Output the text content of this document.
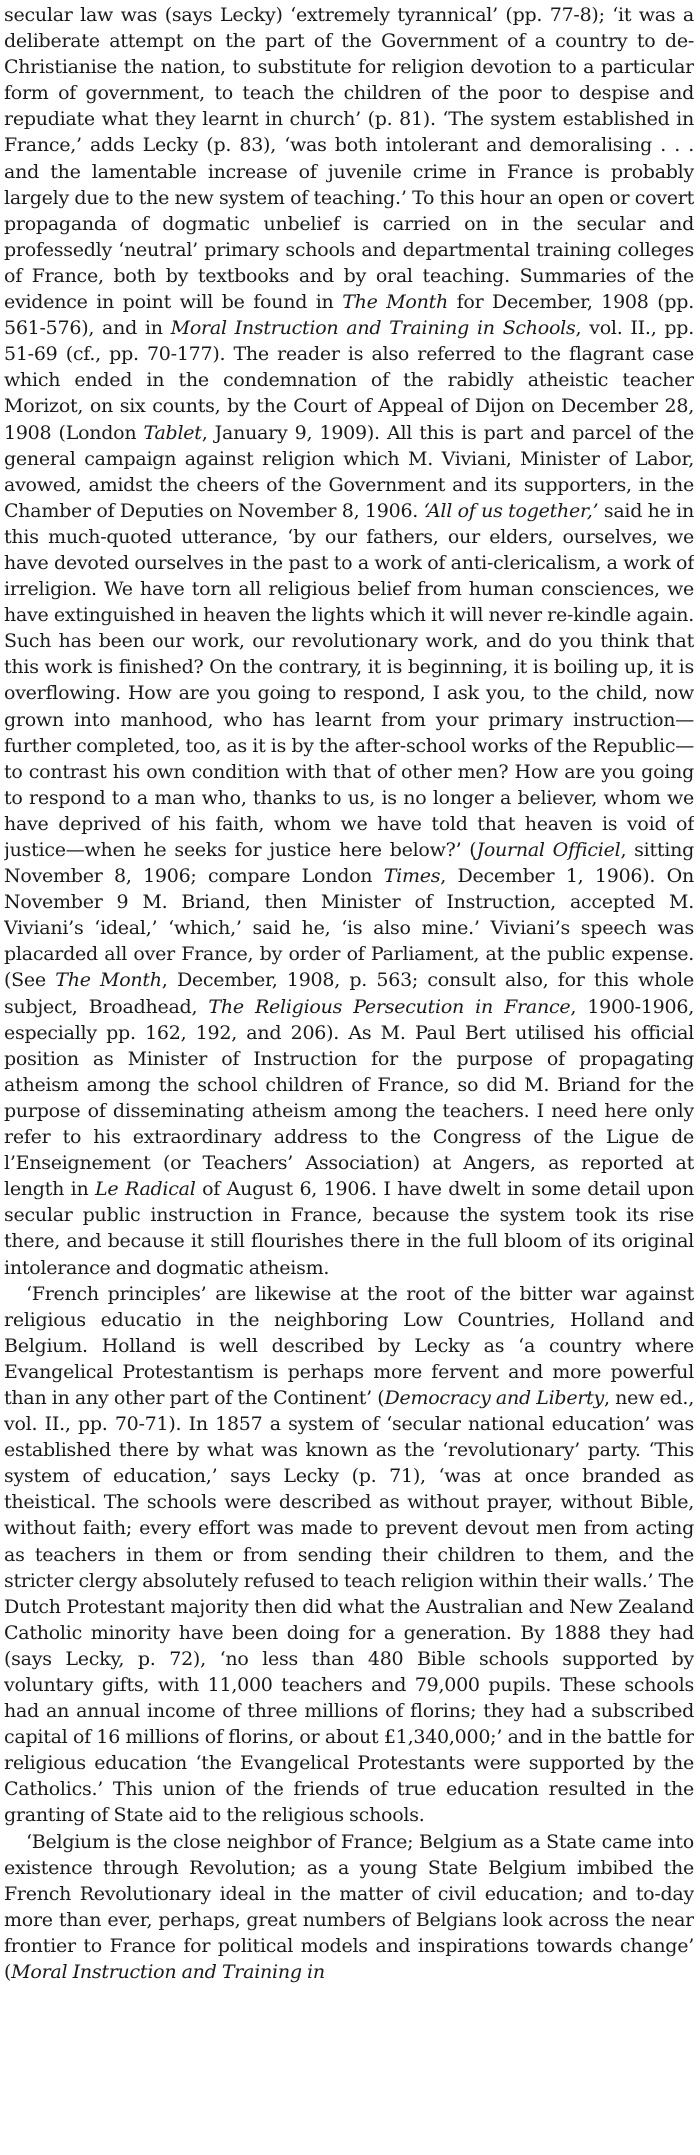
secular law was (says Lecky) ‘extremely tyrannical’ (pp. 77-8); ‘it was a deliberate attempt on the part of the Government of a country to de-Christianise the nation, to substitute for religion devotion to a particular form of government, to teach the children of the poor to despise and repudiate what they learnt in church’ (p. 81). ‘The system established in France,’ adds Lecky (p. 83), ‘was both intolerant and demoralising . . . and the lamentable increase of juvenile crime in France is probably largely due to the new system of teaching.’ To this hour an open or covert propaganda of dogmatic unbelief is carried on in the secular and professedly ‘neutral’ primary schools and departmental training colleges of France, both by textbooks and by oral teaching. Summaries of the evidence in point will be found in The Month for December, 1908 (pp. 561-576), and in Moral Instruction and Training in Schools, vol. II., pp. 51-69 (cf., pp. 70-177). The reader is also referred to the flagrant case which ended in the condemnation of the rabidly atheistic teacher Morizot, on six counts, by the Court of Appeal of Dijon on December 28, 1908 (London Tablet, January 9, 1909). All this is part and parcel of the general campaign against religion which M. Viviani, Minister of Labor, avowed, amidst the cheers of the Government and its supporters, in the Chamber of Deputies on November 8, 1906. ‘All of us together,’ said he in this much-quoted utterance, ‘by our fathers, our elders, ourselves, we have devoted ourselves in the past to a work of anti-clericalism, a work of irreligion. We have torn all religious belief from human consciences, we have extinguished in heaven the lights which it will never re-kindle again. Such has been our work, our revolutionary work, and do you think that this work is finished? On the contrary, it is beginning, it is boiling up, it is overflowing. How are you going to respond, I ask you, to the child, now grown into manhood, who has learnt from your primary instruction—further completed, too, as it is by the after-school works of the Republic—to contrast his own condition with that of other men? How are you going to respond to a man who, thanks to us, is no longer a believer, whom we have deprived of his faith, whom we have told that heaven is void of justice—when he seeks for justice here below?’ (Journal Officiel, sitting November 8, 1906; compare London Times, December 1, 1906). On November 9 M. Briand, then Minister of Instruction, accepted M. Viviani’s ‘ideal,’ ‘which,’ said he, ‘is also mine.’ Viviani’s speech was placarded all over France, by order of Parliament, at the public expense. (See The Month, December, 1908, p. 563; consult also, for this whole subject, Broadhead, The Religious Persecution in France, 1900-1906, especially pp. 162, 192, and 206). As M. Paul Bert utilised his official position as Minister of Instruction for the purpose of propagating atheism among the school children of France, so did M. Briand for the purpose of disseminating atheism among the teachers. I need here only refer to his extraordinary address to the Congress of the Ligue de l’Enseignement (or Teachers’ Association) at Angers, as reported at length in Le Radical of August 6, 1906. I have dwelt in some detail upon secular public instruction in France, because the system took its rise there, and because it still flourishes there in the full bloom of its original intolerance and dogmatic atheism.

‘French principles’ are likewise at the root of the bitter war against religious educatio in the neighboring Low Countries, Holland and Belgium. Holland is well described by Lecky as ‘a country where Evangelical Protestantism is perhaps more fervent and more powerful than in any other part of the Continent’ (Democracy and Liberty, new ed., vol. II., pp. 70-71). In 1857 a system of ‘secular national education’ was established there by what was known as the ‘revolutionary’ party. ‘This system of education,’ says Lecky (p. 71), ‘was at once branded as theistical. The schools were described as without prayer, without Bible, without faith; every effort was made to prevent devout men from acting as teachers in them or from sending their children to them, and the stricter clergy absolutely refused to teach religion within their walls.’ The Dutch Protestant majority then did what the Australian and New Zealand Catholic minority have been doing for a generation. By 1888 they had (says Lecky, p. 72), ‘no less than 480 Bible schools supported by voluntary gifts, with 11,000 teachers and 79,000 pupils. These schools had an annual income of three millions of florins; they had a subscribed capital of 16 millions of florins, or about £1,340,000;’ and in the battle for religious education ‘the Evangelical Protestants were supported by the Catholics.’ This union of the friends of true education resulted in the granting of State aid to the religious schools.

‘Belgium is the close neighbor of France; Belgium as a State came into existence through Revolution; as a young State Belgium imbibed the French Revolutionary ideal in the matter of civil education; and to-day more than ever, perhaps, great numbers of Belgians look across the near frontier to France for political models and inspirations towards change’ (Moral Instruction and Training in
